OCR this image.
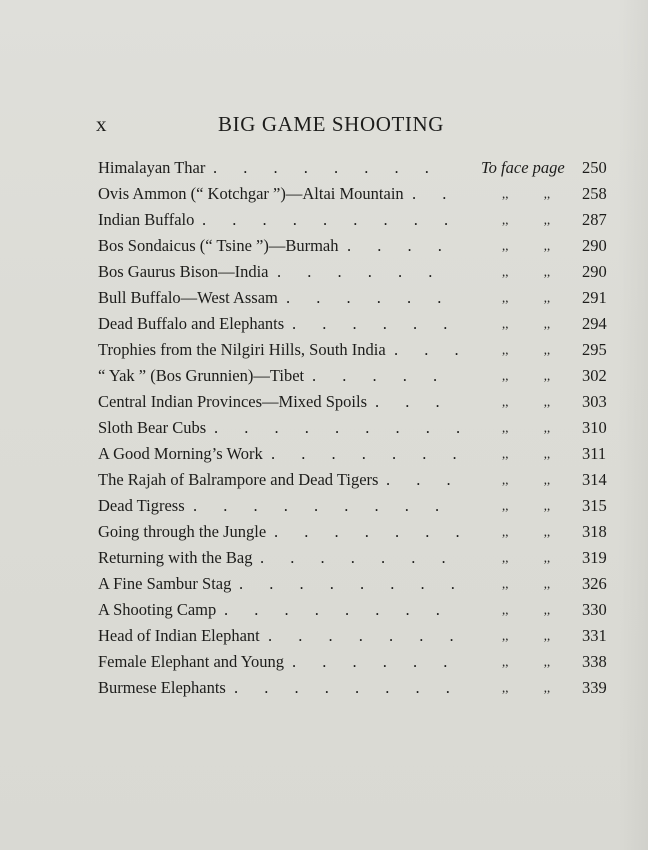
x	BIG GAME SHOOTING
Himalayan Thar . . . . . . . .	To face page 250
Ovis Ammon (“ Kotchgar ”)—Altai Mountain . .	,, ,, 258
Indian Buffalo . . . . . . . . .	,, ,, 287
Bos Sondaicus (“ Tsine ”)—Burmah . . . .	,, ,, 290
Bos Gaurus Bison—India . . . . . .	,, ,, 290
Bull Buffalo—West Assam . . . . . .	,, ,, 291
Dead Buffalo and Elephants . . . . . .	,, ,, 294
Trophies from the Nilgiri Hills, South India . . .	,, ,, 295
“ Yak ” (Bos Grunnien)—Tibet . . . . .	,, ,, 302
Central Indian Provinces—Mixed Spoils . . .	,, ,, 303
Sloth Bear Cubs . . . . . . . . .	,, ,, 310
A Good Morning’s Work . . . . . . .	,, ,, 311
The Rajah of Balrampore and Dead Tigers . . .	,, ,, 314
Dead Tigress . . . . . . . . .	,, ,, 315
Going through the Jungle . . . . . . .	,, ,, 318
Returning with the Bag . . . . . . .	,, ,, 319
A Fine Sambur Stag . . . . . . . .	,, ,, 326
A Shooting Camp . . . . . . . .	,, ,, 330
Head of Indian Elephant . . . . . . .	,, ,, 331
Female Elephant and Young . . . . . .	,, ,, 338
Burmese Elephants . . . . . . . .	,, ,, 339
